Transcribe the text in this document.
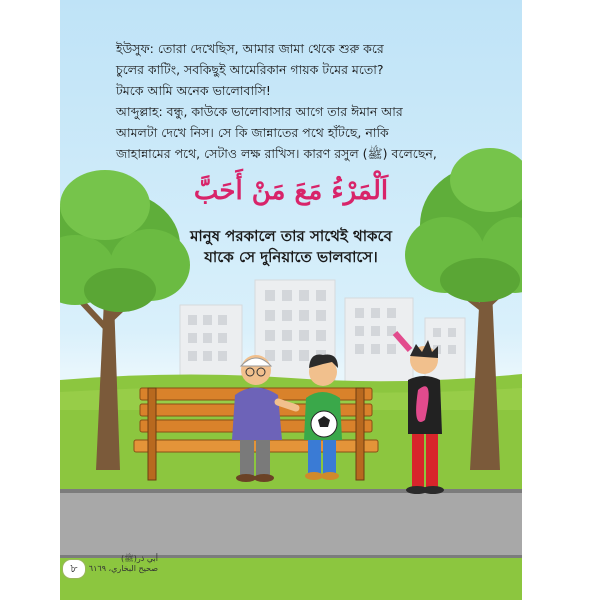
ইউসুফ: তোরা দেখেছিস, আমার জামা থেকে শুরু করে

চুলের কাটিং, সবকিছুই আমেরিকান গায়ক টমের মতো?

টমকে আমি অনেক ভালোবাসি!

আব্দুল্লাহ: বন্ধু, কাউকে ভালোবাসার আগে তার ঈমান আর

আমলটা দেখে নিস। সে কি জান্নাতের পথে হাঁটছে, নাকি

জাহান্নামের পথে, সেটাও লক্ষ রাখিস। কারণ রসুল (ﷺ) বলেছেন,

اَلْمَرْءُ مَعَ مَنْ أَحَبَّ

মানুষ পরকালে তার সাথেই থাকবে

যাকে সে দুনিয়াতে ভালবাসে।

أبي ذر(ﷺ)

صحيح البخاري، ٦١٦٩

৮
